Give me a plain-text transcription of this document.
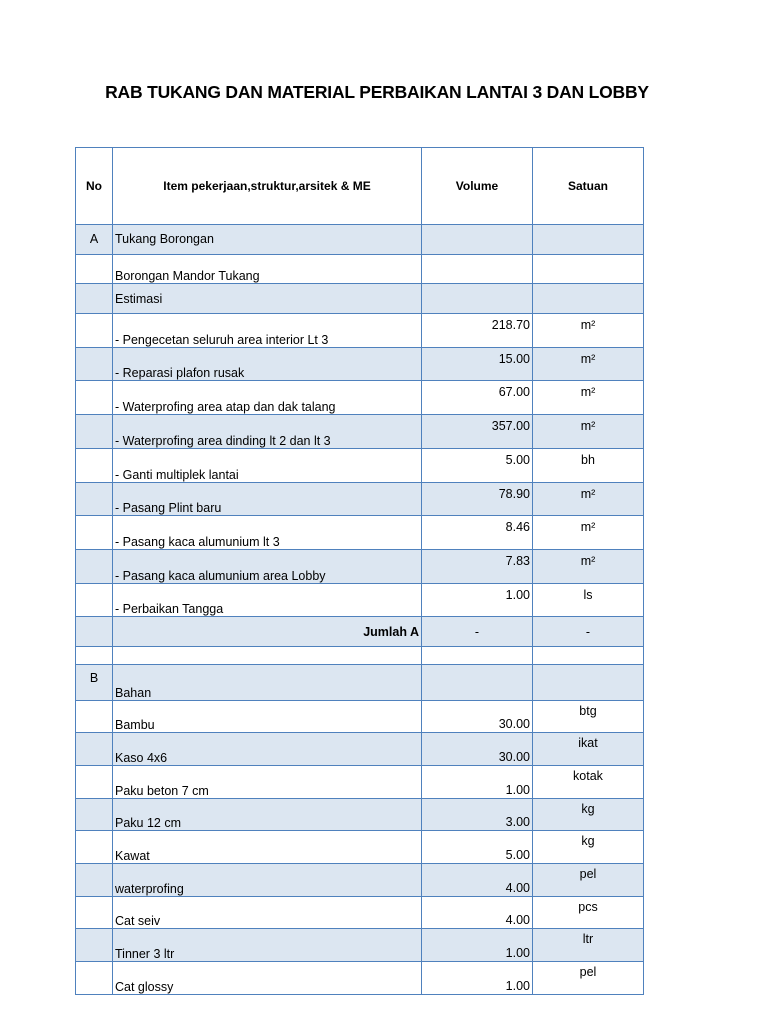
RAB TUKANG DAN MATERIAL PERBAIKAN LANTAI 3 DAN LOBBY
No	Item pekerjaan,struktur,arsitek & ME	Volume	Satuan
A	Tukang Borongan		
	Borongan Mandor Tukang		
	Estimasi		
	- Pengecetan seluruh area interior Lt 3	218.70	m²
	- Reparasi plafon rusak	15.00	m²
	- Waterprofing area atap dan dak talang	67.00	m²
	- Waterprofing area dinding lt 2 dan lt 3	357.00	m²
	- Ganti multiplek lantai	5.00	bh
	- Pasang Plint baru	78.90	m²
	- Pasang kaca alumunium lt 3	8.46	m²
	- Pasang kaca alumunium area Lobby	7.83	m²
	- Perbaikan Tangga	1.00	ls
	Jumlah A	-	-

B	Bahan		
	Bambu	30.00	btg
	Kaso 4x6	30.00	ikat
	Paku beton 7 cm	1.00	kotak
	Paku 12 cm	3.00	kg
	Kawat	5.00	kg
	waterprofing	4.00	pel
	Cat seiv	4.00	pcs
	Tinner 3 ltr	1.00	ltr
	Cat glossy	1.00	pel
